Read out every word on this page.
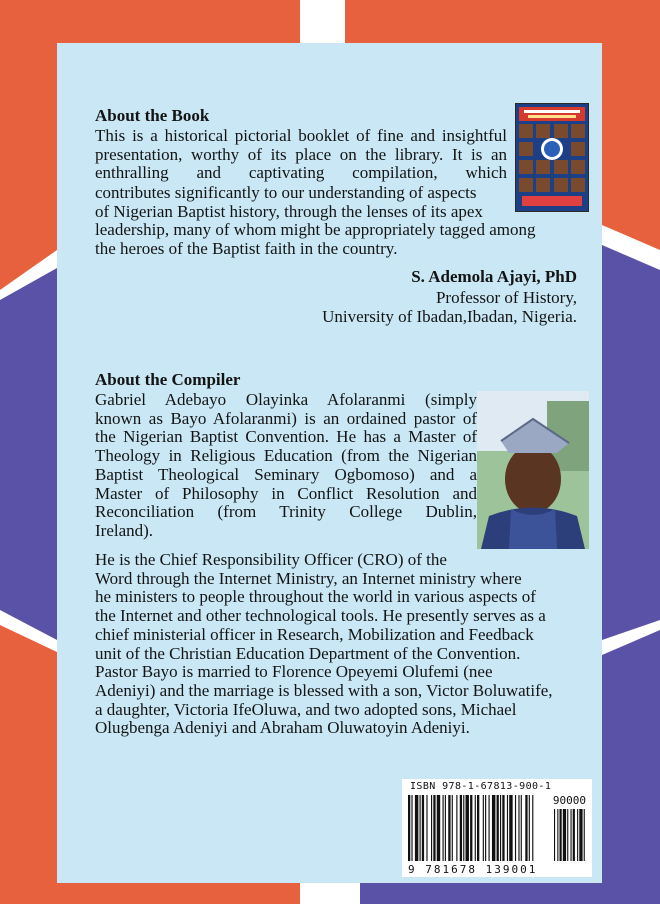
About the Book

This is a historical pictorial booklet of fine and insightful
presentation, worthy of its place on the library. It is an
enthralling and captivating compilation, which

contributes significantly to our understanding of aspects
of Nigerian Baptist history, through the lenses of its apex
leadership, many of whom might be appropriately tagged among
the heroes of the Baptist faith in the country.

S. Ademola Ajayi, PhD
Professor of History,
University of Ibadan,Ibadan, Nigeria.
About the Compiler

Gabriel Adebayo Olayinka Afolaranmi (simply
known as Bayo Afolaranmi) is an ordained pastor of
the Nigerian Baptist Convention. He has a Master of
Theology in Religious Education (from the Nigerian
Baptist Theological Seminary Ogbomoso) and a
Master of Philosophy in Conflict Resolution and
Reconciliation (from Trinity College Dublin,
Ireland).

He is the Chief Responsibility Officer (CRO) of the
Word through the Internet Ministry, an Internet ministry where
he ministers to people throughout the world in various aspects of
the Internet and other technological tools. He presently serves as a
chief ministerial officer in Research, Mobilization and Feedback
unit of the Christian Education Department of the Convention.
Pastor Bayo is married to Florence Opeyemi Olufemi (nee
Adeniyi) and the marriage is blessed with a son, Victor Boluwatife,
a daughter, Victoria IfeOluwa, and two adopted sons, Michael
Olugbenga Adeniyi and Abraham Oluwatoyin Adeniyi.

ISBN 978-1-67813-900-1
90000
9 781678 139001
